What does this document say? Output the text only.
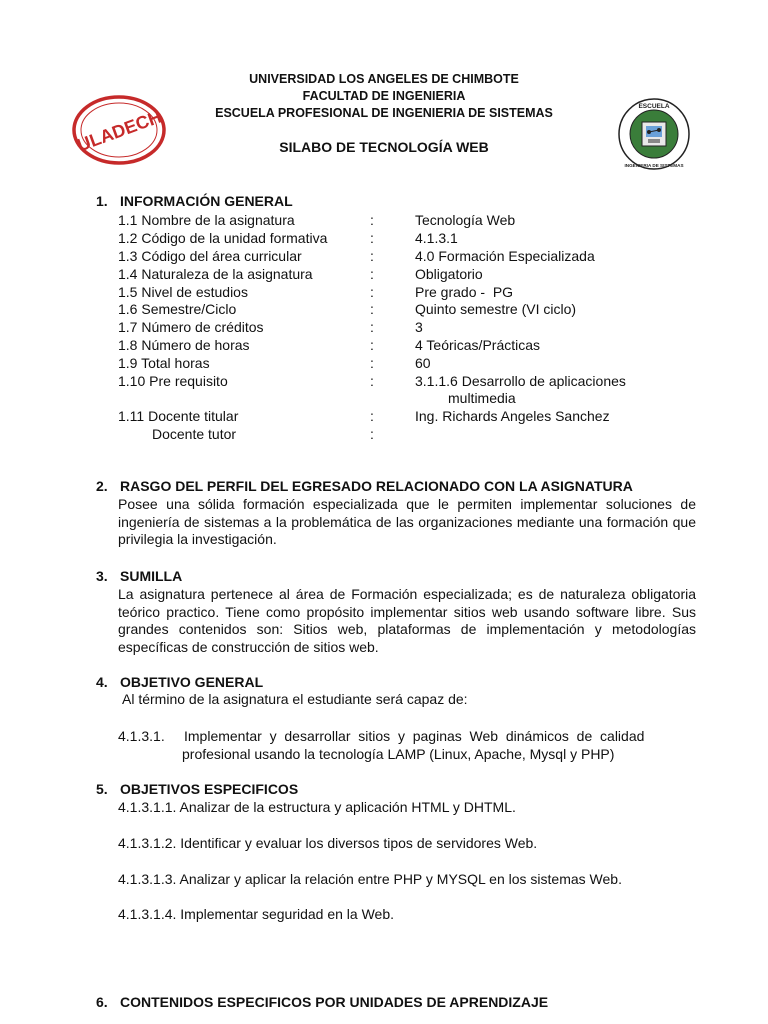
ULADECH	ESCUELA
INGENIERIA DE SISTEMAS
UNIVERSIDAD LOS ANGELES DE CHIMBOTE
FACULTAD DE INGENIERIA
ESCUELA PROFESIONAL DE INGENIERIA DE SISTEMAS
SILABO DE TECNOLOGÍA WEB
1. INFORMACIÓN GENERAL
1.1 Nombre de la asignatura	:	Tecnología Web
1.2 Código de la unidad formativa	:	4.1.3.1
1.3 Código del área curricular	:	4.0 Formación Especializada
1.4 Naturaleza de la asignatura	:	Obligatorio
1.5 Nivel de estudios	:	Pre grado -  PG
1.6 Semestre/Ciclo	:	Quinto semestre (VI ciclo)
1.7 Número de créditos	:	3
1.8 Número de horas	:	4 Teóricas/Prácticas
1.9 Total horas	:	60
1.10 Pre requisito	:	3.1.1.6 Desarrollo de aplicaciones
multimedia
1.11 Docente titular	:	Ing. Richards Angeles Sanchez
Docente tutor	:
2. RASGO DEL PERFIL DEL EGRESADO RELACIONADO CON LA ASIGNATURA
Posee una sólida formación especializada que le permiten implementar soluciones de ingeniería de sistemas a la problemática de las organizaciones mediante una formación que privilegia la investigación.
3. SUMILLA
La asignatura pertenece al área de Formación especializada; es de naturaleza obligatoria teórico practico. Tiene como propósito implementar sitios web usando software libre. Sus grandes contenidos son: Sitios web, plataformas de implementación y metodologías específicas de construcción de sitios web.
4. OBJETIVO GENERAL
Al término de la asignatura el estudiante será capaz de:
4.1.3.1. Implementar  y  desarrollar  sitios  y  paginas  Web  dinámicos  de  calidad
profesional usando la tecnología LAMP (Linux, Apache, Mysql y PHP)
5. OBJETIVOS ESPECIFICOS
4.1.3.1.1. Analizar de la estructura y aplicación HTML y DHTML.
4.1.3.1.2. Identificar y evaluar los diversos tipos de servidores Web.
4.1.3.1.3. Analizar y aplicar la relación entre PHP y MYSQL en los sistemas Web.
4.1.3.1.4. Implementar seguridad en la Web.
6. CONTENIDOS ESPECIFICOS POR UNIDADES DE APRENDIZAJE
